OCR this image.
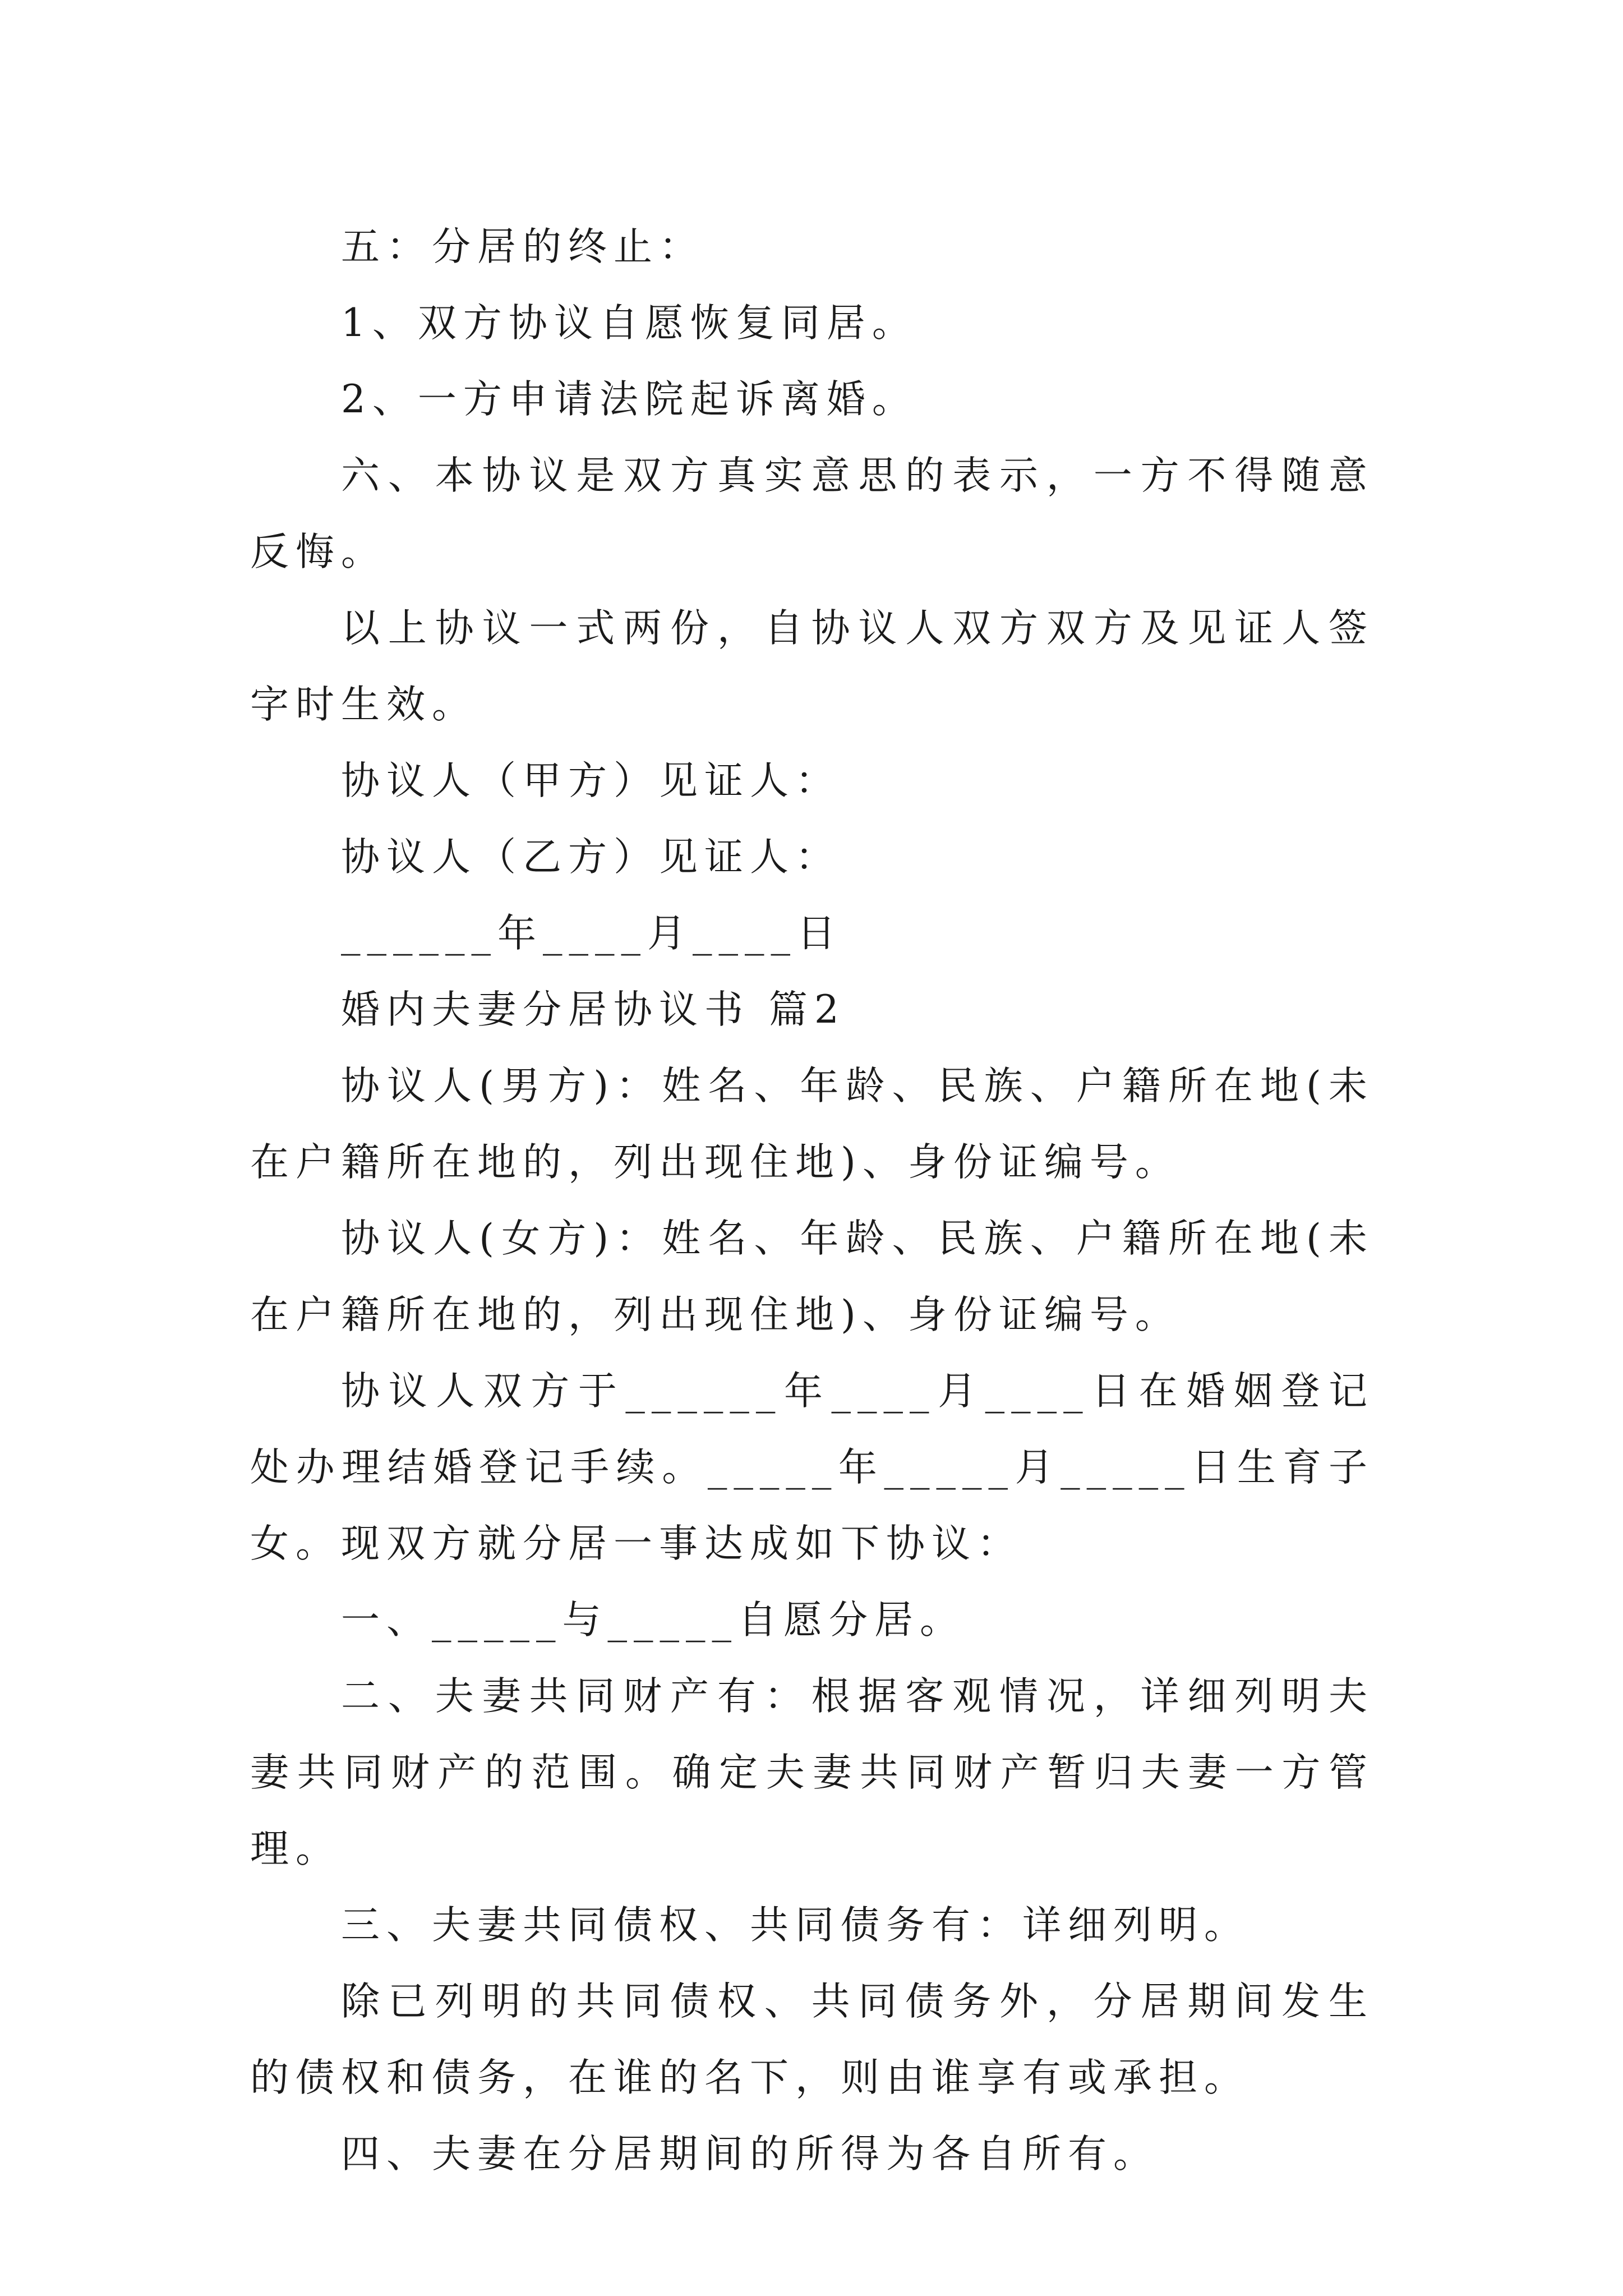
五：分居的终止：

1、双方协议自愿恢复同居。

2、一方申请法院起诉离婚。

六、本协议是双方真实意思的表示，一方不得随意反悔。

以上协议一式两份，自协议人双方双方及见证人签字时生效。

协议人（甲方）见证人：

协议人（乙方）见证人：

______年____月____日

婚内夫妻分居协议书 篇2

协议人(男方)：姓名、年龄、民族、户籍所在地(未在户籍所在地的，列出现住地)、身份证编号。

协议人(女方)：姓名、年龄、民族、户籍所在地(未在户籍所在地的，列出现住地)、身份证编号。

协议人双方于______年____月____日在婚姻登记处办理结婚登记手续。_____年_____月_____日生育子女。现双方就分居一事达成如下协议：

一、_____与_____自愿分居。

二、夫妻共同财产有：根据客观情况，详细列明夫妻共同财产的范围。确定夫妻共同财产暂归夫妻一方管理。

三、夫妻共同债权、共同债务有：详细列明。

除已列明的共同债权、共同债务外，分居期间发生的债权和债务，在谁的名下，则由谁享有或承担。

四、夫妻在分居期间的所得为各自所有。
